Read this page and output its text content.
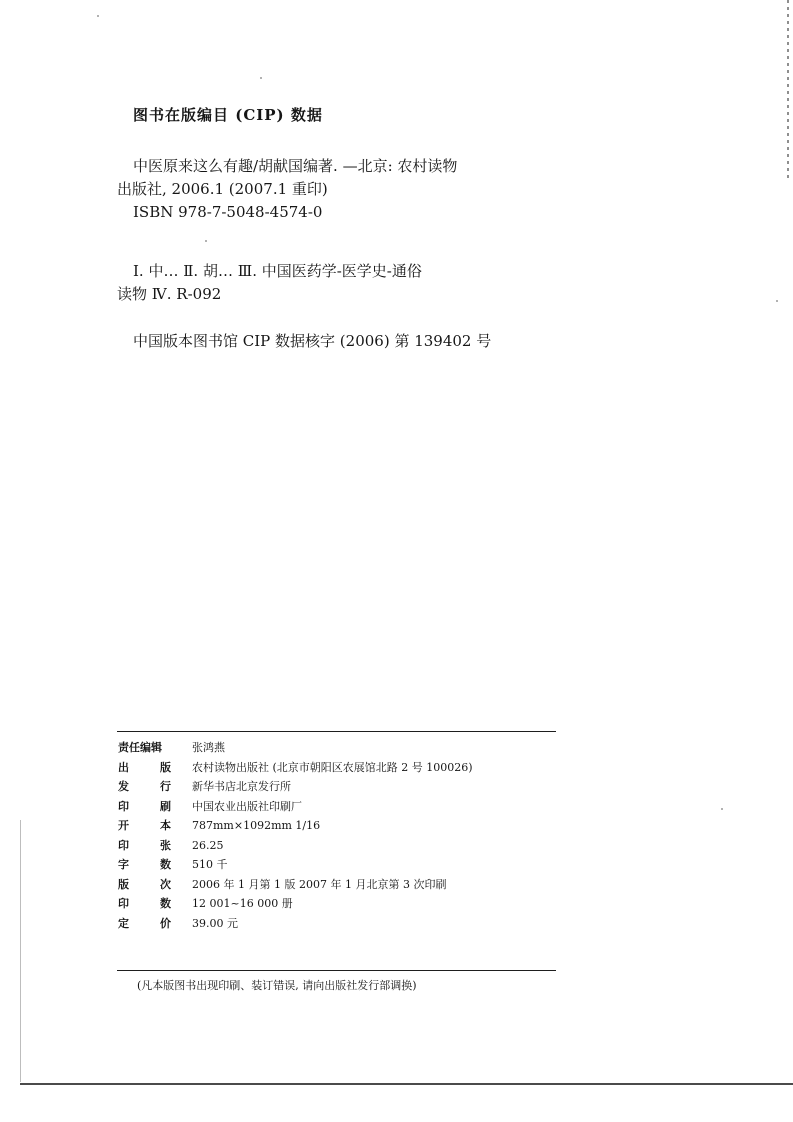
图书在版编目 (CIP) 数据

中医原来这么有趣/胡献国编著. —北京: 农村读物

出版社, 2006.1 (2007.1 重印)

ISBN 978-7-5048-4574-0

Ⅰ. 中… Ⅱ. 胡… Ⅲ. 中国医药学-医学史-通俗

读物 Ⅳ. R-092

中国版本图书馆 CIP 数据核字 (2006) 第 139402 号

责任编辑	张鸿燕
出	版	农村读物出版社 (北京市朝阳区农展馆北路 2 号 100026)
发	行	新华书店北京发行所
印	刷	中国农业出版社印刷厂
开	本	787mm×1092mm 1/16
印	张	26.25
字	数	510 千
版	次	2006 年 1 月第 1 版 2007 年 1 月北京第 3 次印刷
印	数	12 001~16 000 册
定	价	39.00 元
(凡本版图书出现印刷、装订错误, 请向出版社发行部调换)
